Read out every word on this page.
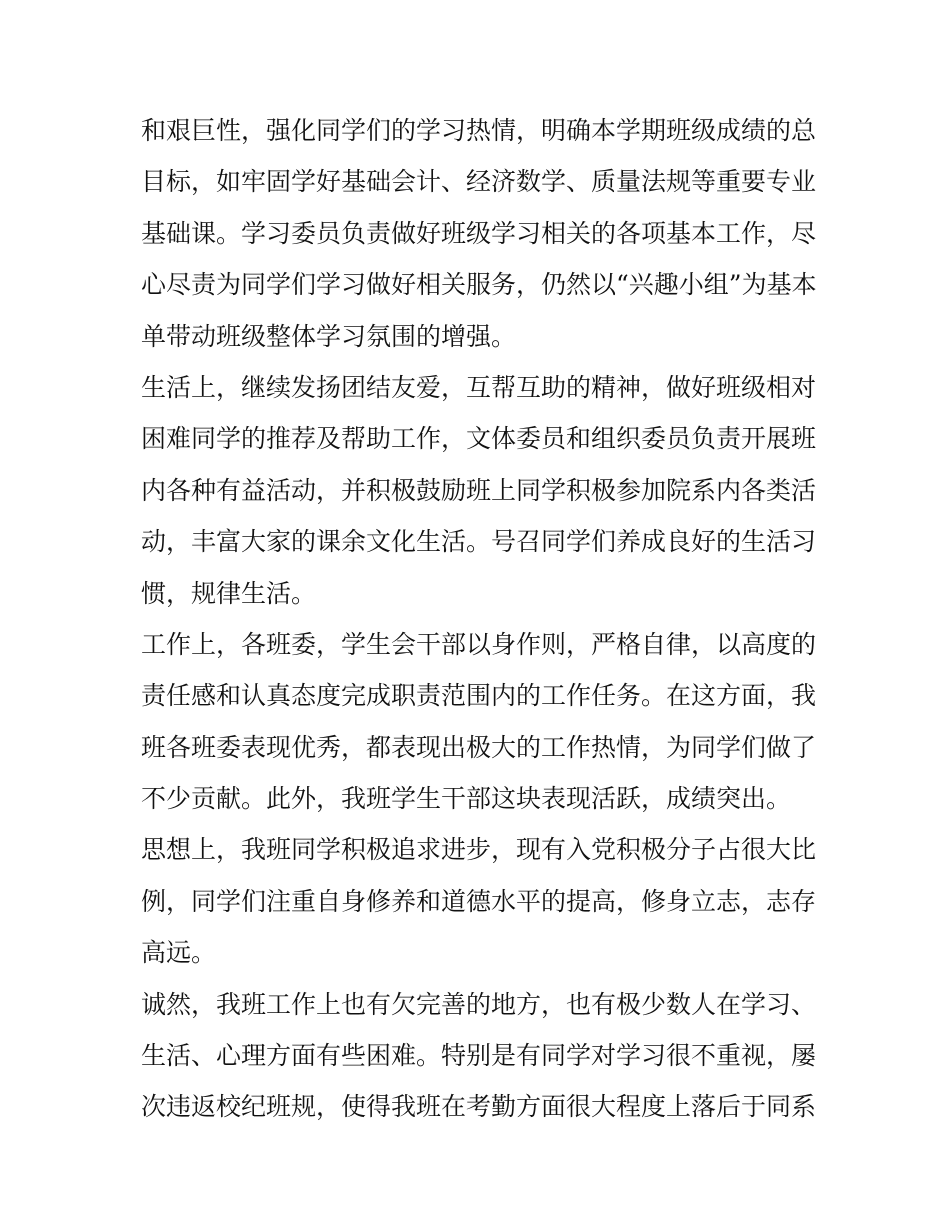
和艰巨性，强化同学们的学习热情，明确本学期班级成绩的总
目标，如牢固学好基础会计、经济数学、质量法规等重要专业
基础课。学习委员负责做好班级学习相关的各项基本工作，尽
心尽责为同学们学习做好相关服务，仍然以“兴趣小组”为基本
单带动班级整体学习氛围的增强。
生活上，继续发扬团结友爱，互帮互助的精神，做好班级相对
困难同学的推荐及帮助工作，文体委员和组织委员负责开展班
内各种有益活动，并积极鼓励班上同学积极参加院系内各类活
动，丰富大家的课余文化生活。号召同学们养成良好的生活习
惯，规律生活。
工作上，各班委，学生会干部以身作则，严格自律，以高度的
责任感和认真态度完成职责范围内的工作任务。在这方面，我
班各班委表现优秀，都表现出极大的工作热情，为同学们做了
不少贡献。此外，我班学生干部这块表现活跃，成绩突出。
思想上，我班同学积极追求进步，现有入党积极分子占很大比
例，同学们注重自身修养和道德水平的提高，修身立志，志存
高远。
诚然，我班工作上也有欠完善的地方，也有极少数人在学习、
生活、心理方面有些困难。特别是有同学对学习很不重视，屡
次违返校纪班规，使得我班在考勤方面很大程度上落后于同系
